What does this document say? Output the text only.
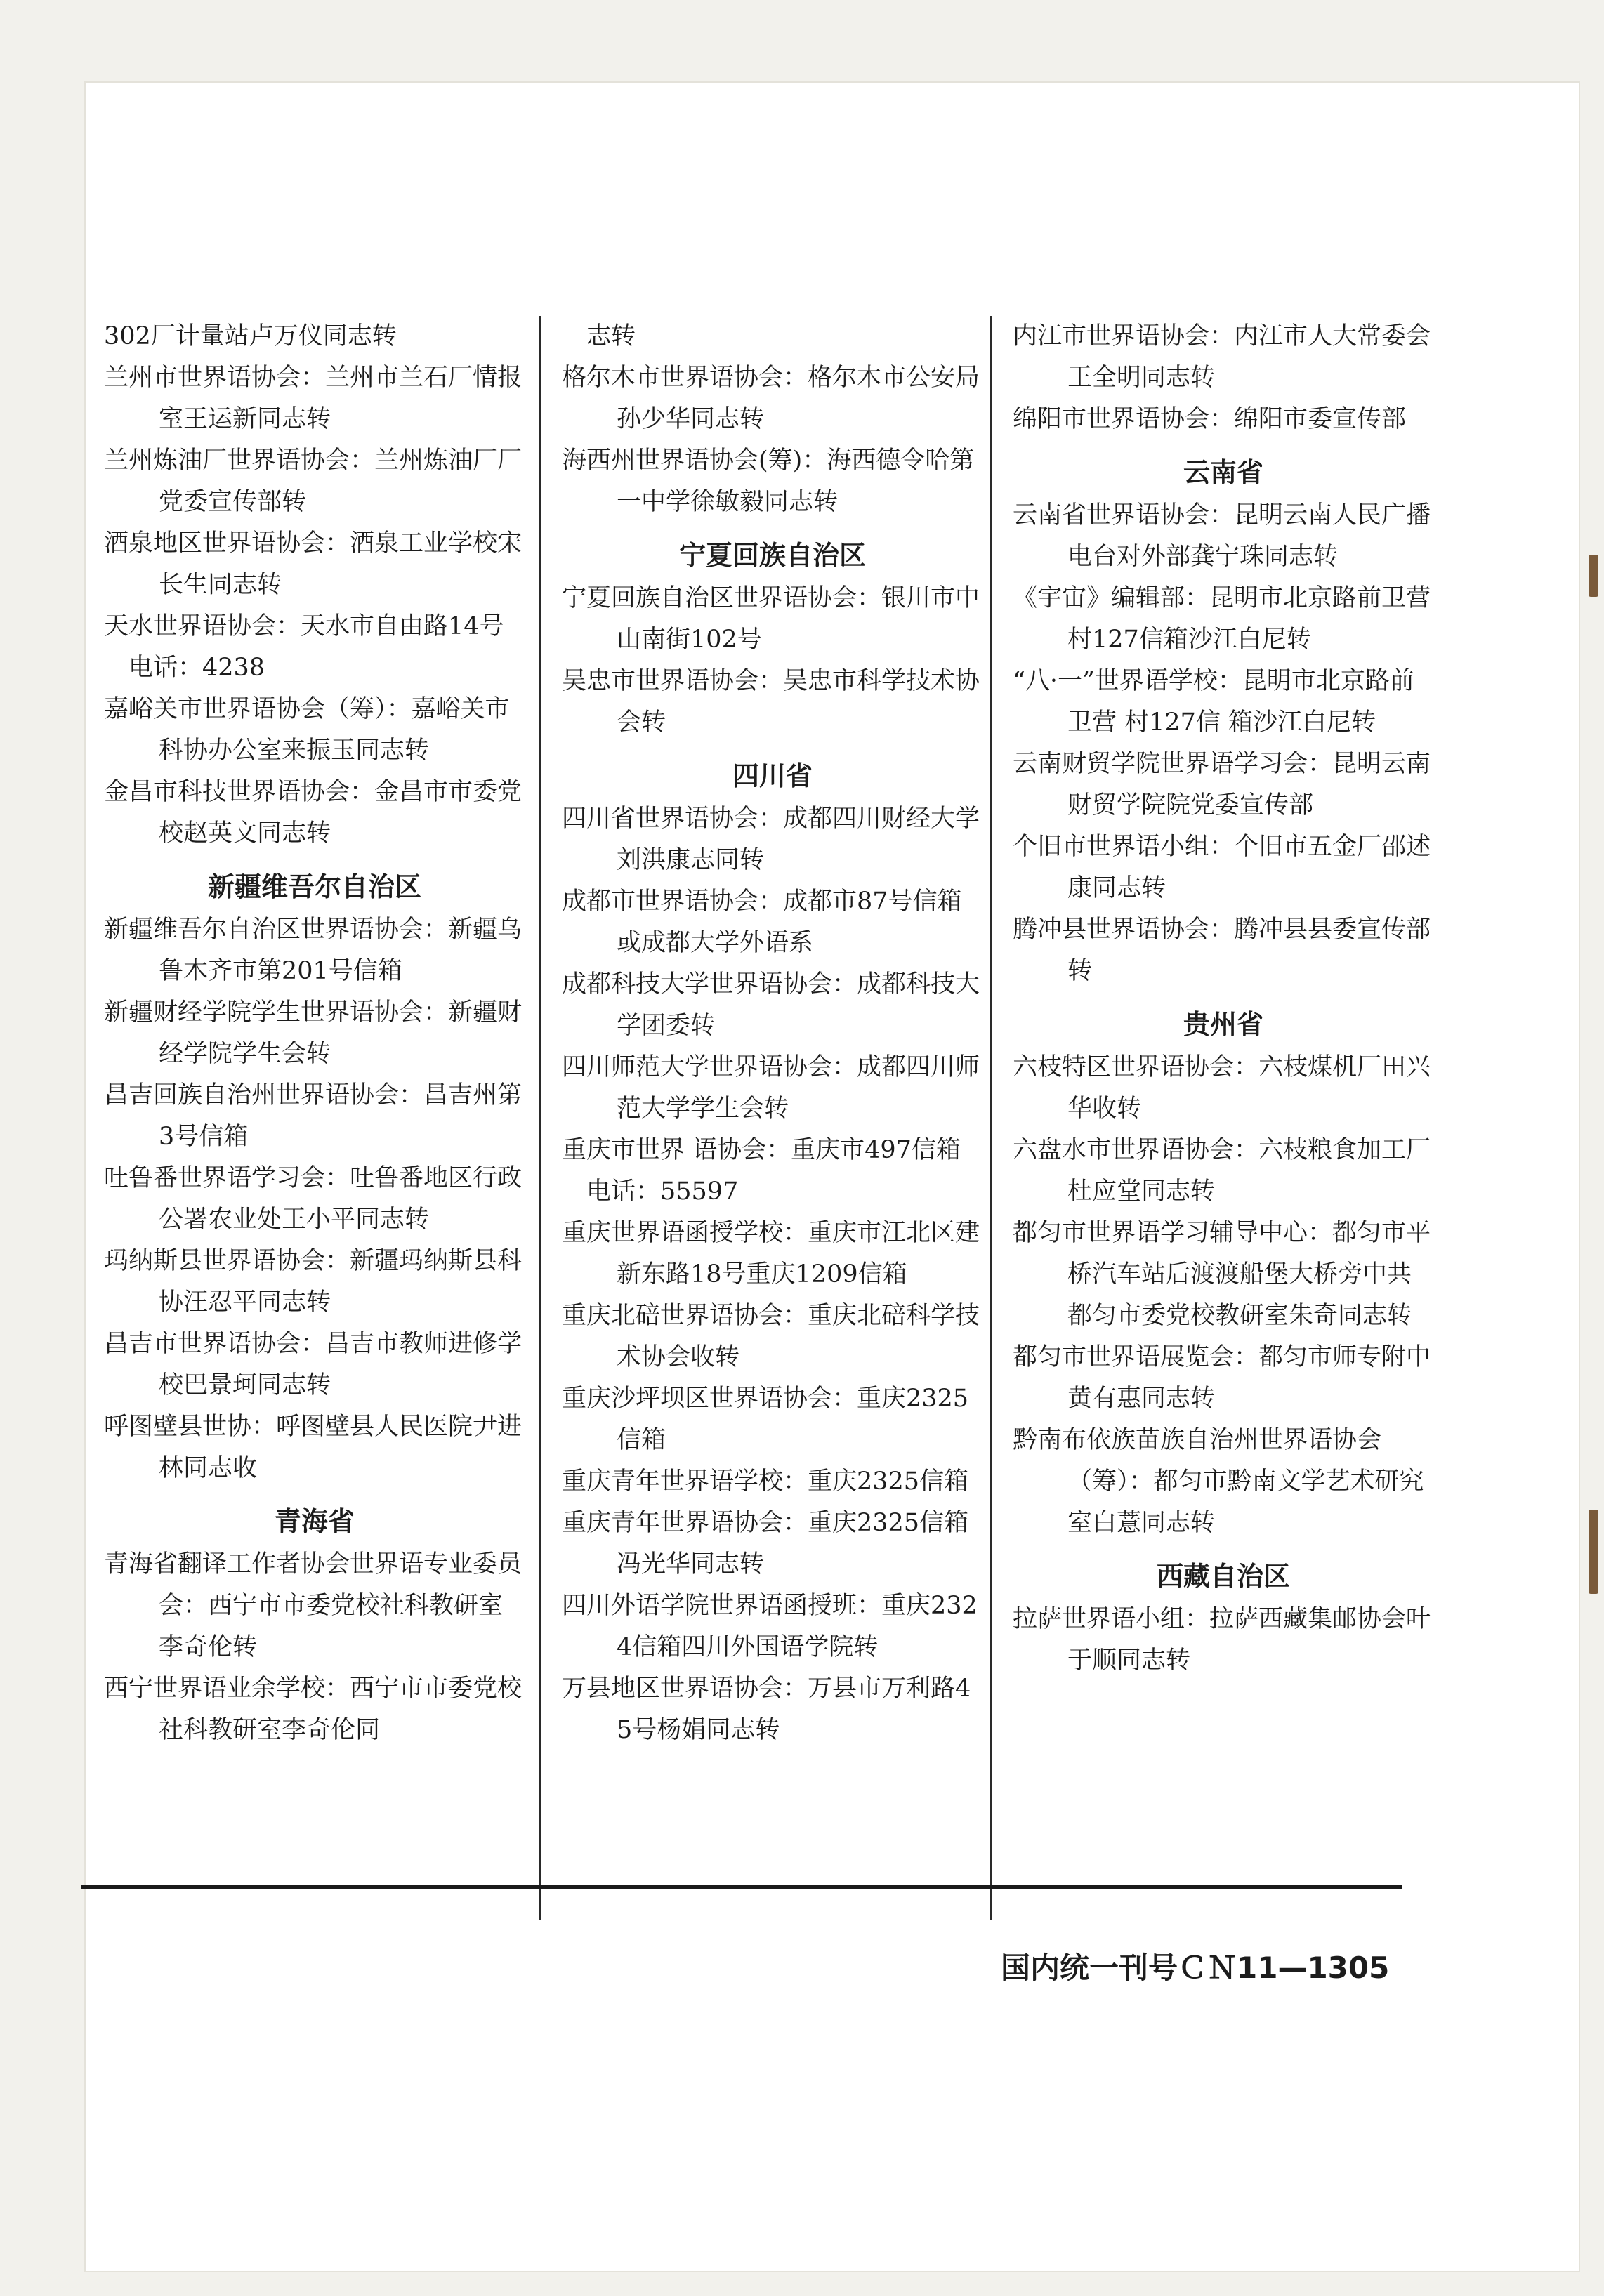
302厂计量站卢万仪同志转
兰州市世界语协会：兰州市兰石厂情报室王运新同志转
兰州炼油厂世界语协会：兰州炼油厂厂党委宣传部转
酒泉地区世界语协会：酒泉工业学校宋长生同志转
天水世界语协会：天水市自由路14号
　电话：4238
嘉峪关市世界语协会（筹）：嘉峪关市科协办公室来振玉同志转
金昌市科技世界语协会：金昌市市委党校赵英文同志转
新疆维吾尔自治区
新疆维吾尔自治区世界语协会：新疆乌鲁木齐市第201号信箱
新疆财经学院学生世界语协会：新疆财经学院学生会转
昌吉回族自治州世界语协会：昌吉州第3号信箱
吐鲁番世界语学习会：吐鲁番地区行政公署农业处王小平同志转
玛纳斯县世界语协会：新疆玛纳斯县科协汪忍平同志转
昌吉市世界语协会：昌吉市教师进修学校巴景珂同志转
呼图壁县世协：呼图壁县人民医院尹进林同志收
青海省
青海省翻译工作者协会世界语专业委员会：西宁市市委党校社科教研室李奇伦转
西宁世界语业余学校：西宁市市委党校社科教研室李奇伦同
　志转
格尔木市世界语协会：格尔木市公安局孙少华同志转
海西州世界语协会(筹)：海西德令哈第一中学徐敏毅同志转
宁夏回族自治区
宁夏回族自治区世界语协会：银川市中山南街102号
吴忠市世界语协会：吴忠市科学技术协会转
四川省
四川省世界语协会：成都四川财经大学刘洪康志同转
成都市世界语协会：成都市87号信箱或成都大学外语系
成都科技大学世界语协会：成都科技大学团委转
四川师范大学世界语协会：成都四川师范大学学生会转
重庆市世界 语协会：重庆市497信箱
　电话：55597
重庆世界语函授学校：重庆市江北区建新东路18号重庆1209信箱
重庆北碚世界语协会：重庆北碚科学技术协会收转
重庆沙坪坝区世界语协会：重庆2325信箱
重庆青年世界语学校：重庆2325信箱
重庆青年世界语协会：重庆2325信箱冯光华同志转
四川外语学院世界语函授班：重庆2324信箱四川外国语学院转
万县地区世界语协会：万县市万利路45号杨娟同志转
内江市世界语协会：内江市人大常委会王全明同志转
绵阳市世界语协会：绵阳市委宣传部
云南省
云南省世界语协会：昆明云南人民广播电台对外部龚宁珠同志转
《宇宙》编辑部：昆明市北京路前卫营村127信箱沙江白尼转
“八·一”世界语学校：昆明市北京路前卫营 村127信 箱沙江白尼转
云南财贸学院世界语学习会：昆明云南财贸学院院党委宣传部
个旧市世界语小组：个旧市五金厂邵述康同志转
腾冲县世界语协会：腾冲县县委宣传部转
贵州省
六枝特区世界语协会：六枝煤机厂田兴华收转
六盘水市世界语协会：六枝粮食加工厂杜应堂同志转
都匀市世界语学习辅导中心：都匀市平桥汽车站后渡渡船堡大桥旁中共都匀市委党校教研室朱奇同志转
都匀市世界语展览会：都匀市师专附中黄有惠同志转
黔南布依族苗族自治州世界语协会（筹）：都匀市黔南文学艺术研究室白薏同志转
西藏自治区
拉萨世界语小组：拉萨西藏集邮协会叶于顺同志转
国内统一刊号ＣＮ11—1305
